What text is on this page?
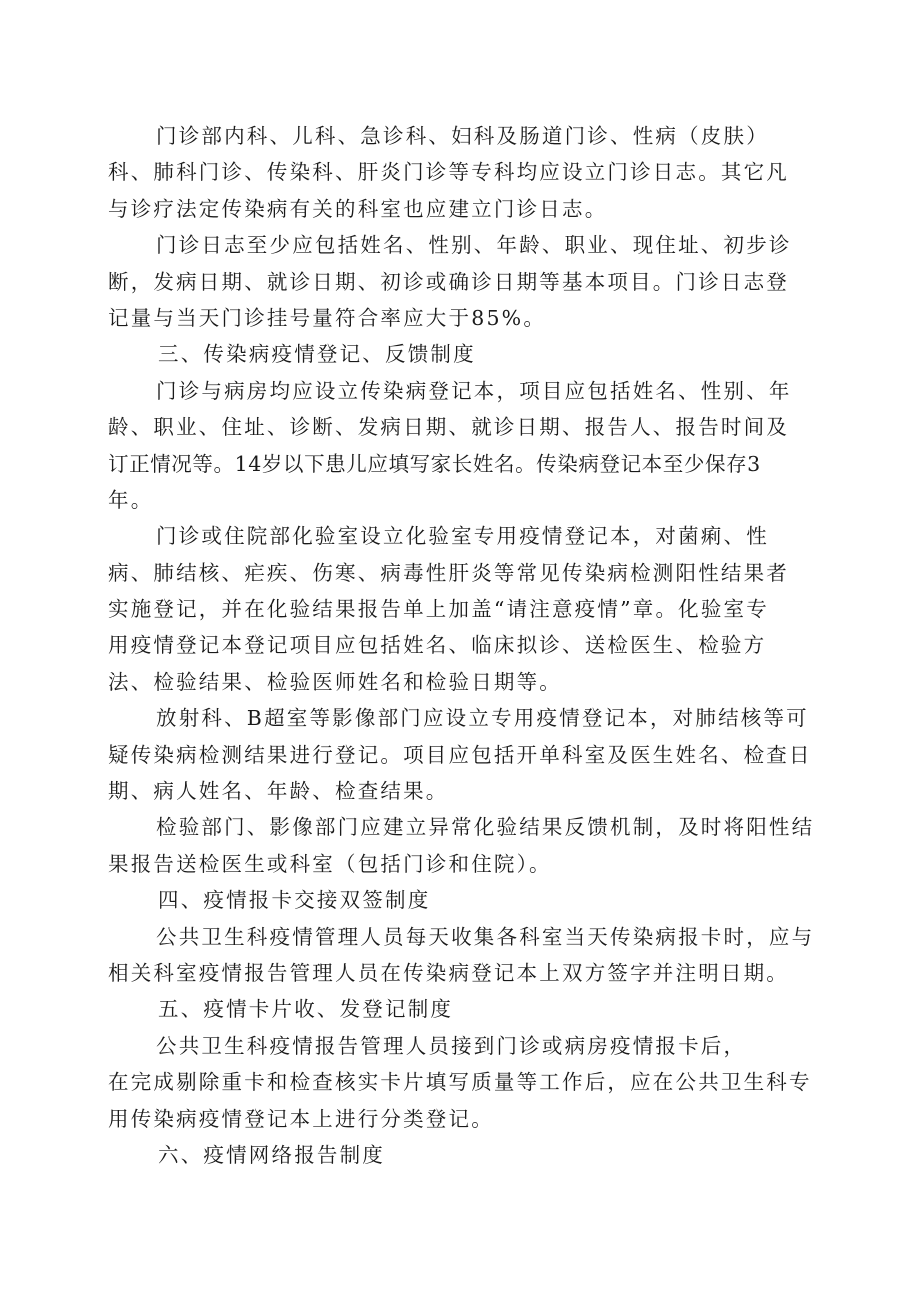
门诊部内科、儿科、急诊科、妇科及肠道门诊、性病（皮肤）
科、肺科门诊、传染科、肝炎门诊等专科均应设立门诊日志。其它凡
与诊疗法定传染病有关的科室也应建立门诊日志。
门诊日志至少应包括姓名、性别、年龄、职业、现住址、初步诊
断，发病日期、就诊日期、初诊或确诊日期等基本项目。门诊日志登
记量与当天门诊挂号量符合率应大于85%。
三、传染病疫情登记、反馈制度
门诊与病房均应设立传染病登记本，项目应包括姓名、性别、年
龄、职业、住址、诊断、发病日期、就诊日期、报告人、报告时间及
订正情况等。14岁以下患儿应填写家长姓名。传染病登记本至少保存3
年。
门诊或住院部化验室设立化验室专用疫情登记本，对菌痢、性
病、肺结核、疟疾、伤寒、病毒性肝炎等常见传染病检测阳性结果者
实施登记，并在化验结果报告单上加盖“请注意疫情”章。化验室专
用疫情登记本登记项目应包括姓名、临床拟诊、送检医生、检验方
法、检验结果、检验医师姓名和检验日期等。
放射科、B超室等影像部门应设立专用疫情登记本，对肺结核等可
疑传染病检测结果进行登记。项目应包括开单科室及医生姓名、检查日
期、病人姓名、年龄、检查结果。
检验部门、影像部门应建立异常化验结果反馈机制，及时将阳性结
果报告送检医生或科室（包括门诊和住院）。
四、疫情报卡交接双签制度
公共卫生科疫情管理人员每天收集各科室当天传染病报卡时，应与
相关科室疫情报告管理人员在传染病登记本上双方签字并注明日期。
五、疫情卡片收、发登记制度
公共卫生科疫情报告管理人员接到门诊或病房疫情报卡后，
在完成剔除重卡和检查核实卡片填写质量等工作后，应在公共卫生科专
用传染病疫情登记本上进行分类登记。
六、疫情网络报告制度
